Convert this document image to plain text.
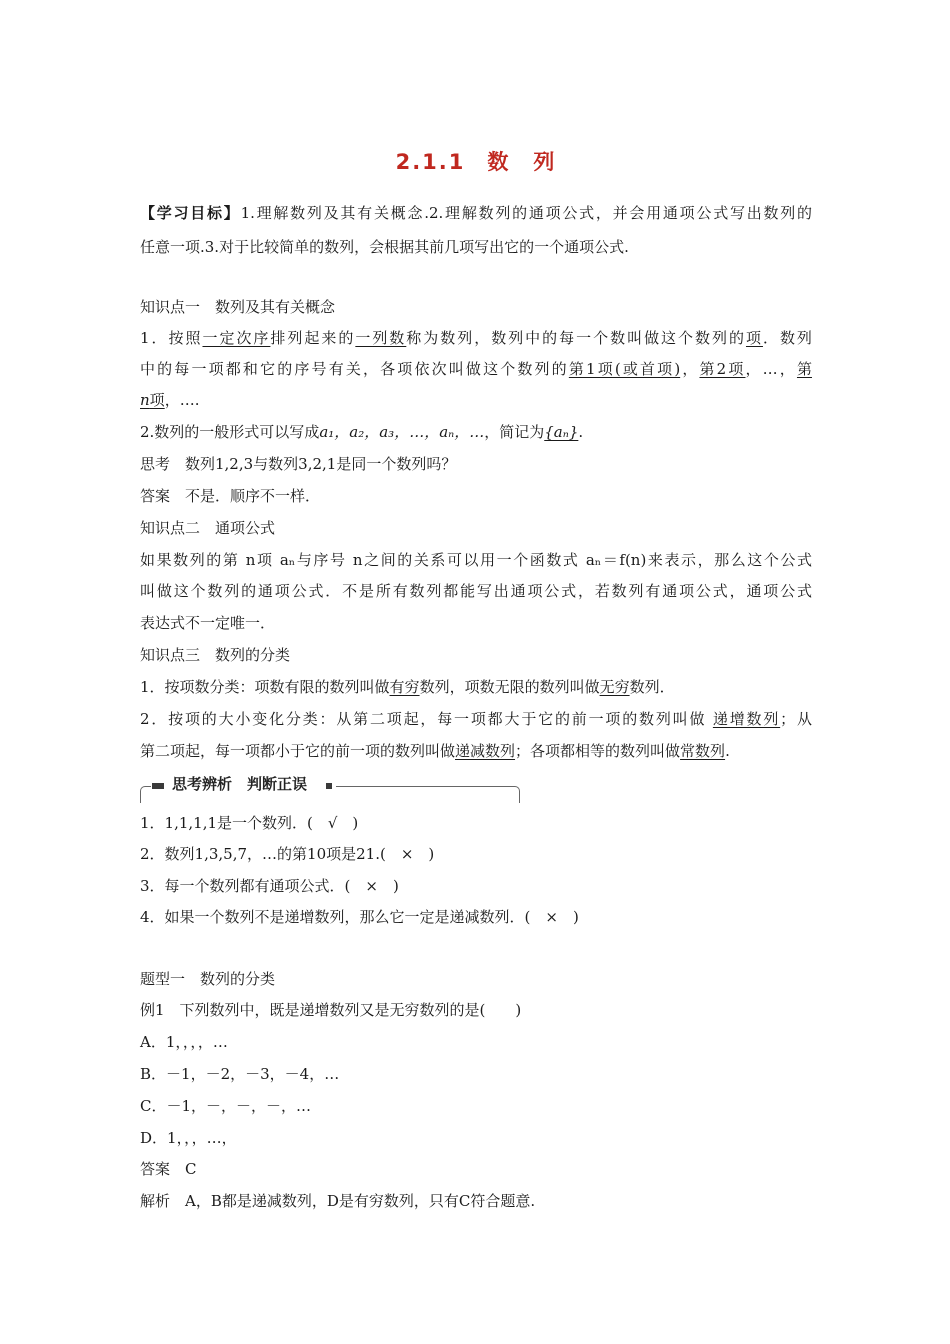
2.1.1 数　列
【学习目标】1.理解数列及其有关概念.2.理解数列的通项公式，并会用通项公式写出数列的
任意一项.3.对于比较简单的数列，会根据其前几项写出它的一个通项公式.
知识点一　数列及其有关概念
1．按照一定次序排列起来的一列数称为数列，数列中的每一个数叫做这个数列的项．数列
中的每一项都和它的序号有关，各项依次叫做这个数列的第1项(或首项)，第2项，…，第
n项，….
2.数列的一般形式可以写成a₁，a₂，a₃，…，aₙ，…，简记为{aₙ}.
思考　数列1,2,3与数列3,2,1是同一个数列吗？
答案　不是．顺序不一样．
知识点二　通项公式
如果数列的第 n项 aₙ与序号 n之间的关系可以用一个函数式 aₙ＝f(n)来表示，那么这个公式
叫做这个数列的通项公式．不是所有数列都能写出通项公式，若数列有通项公式，通项公式
表达式不一定唯一．
知识点三　数列的分类
1．按项数分类：项数有限的数列叫做有穷数列，项数无限的数列叫做无穷数列．
2．按项的大小变化分类：从第二项起，每一项都大于它的前一项的数列叫做 递增数列；从
第二项起，每一项都小于它的前一项的数列叫做递减数列；各项都相等的数列叫做常数列.
思考辨析　判断正误
1．1,1,1,1是一个数列．(　√　)
2．数列1,3,5,7，…的第10项是21.(　×　)
3．每一个数列都有通项公式．(　×　)
4．如果一个数列不是递增数列，那么它一定是递减数列．(　×　)
题型一　数列的分类
例1　下列数列中，既是递增数列又是无穷数列的是(　　)
A．1，，，，…
B．－1，－2，－3，－4，…
C．－1，－，－，－，…
D．1，，，…，
答案　C
解析　A，B都是递减数列，D是有穷数列，只有C符合题意.
